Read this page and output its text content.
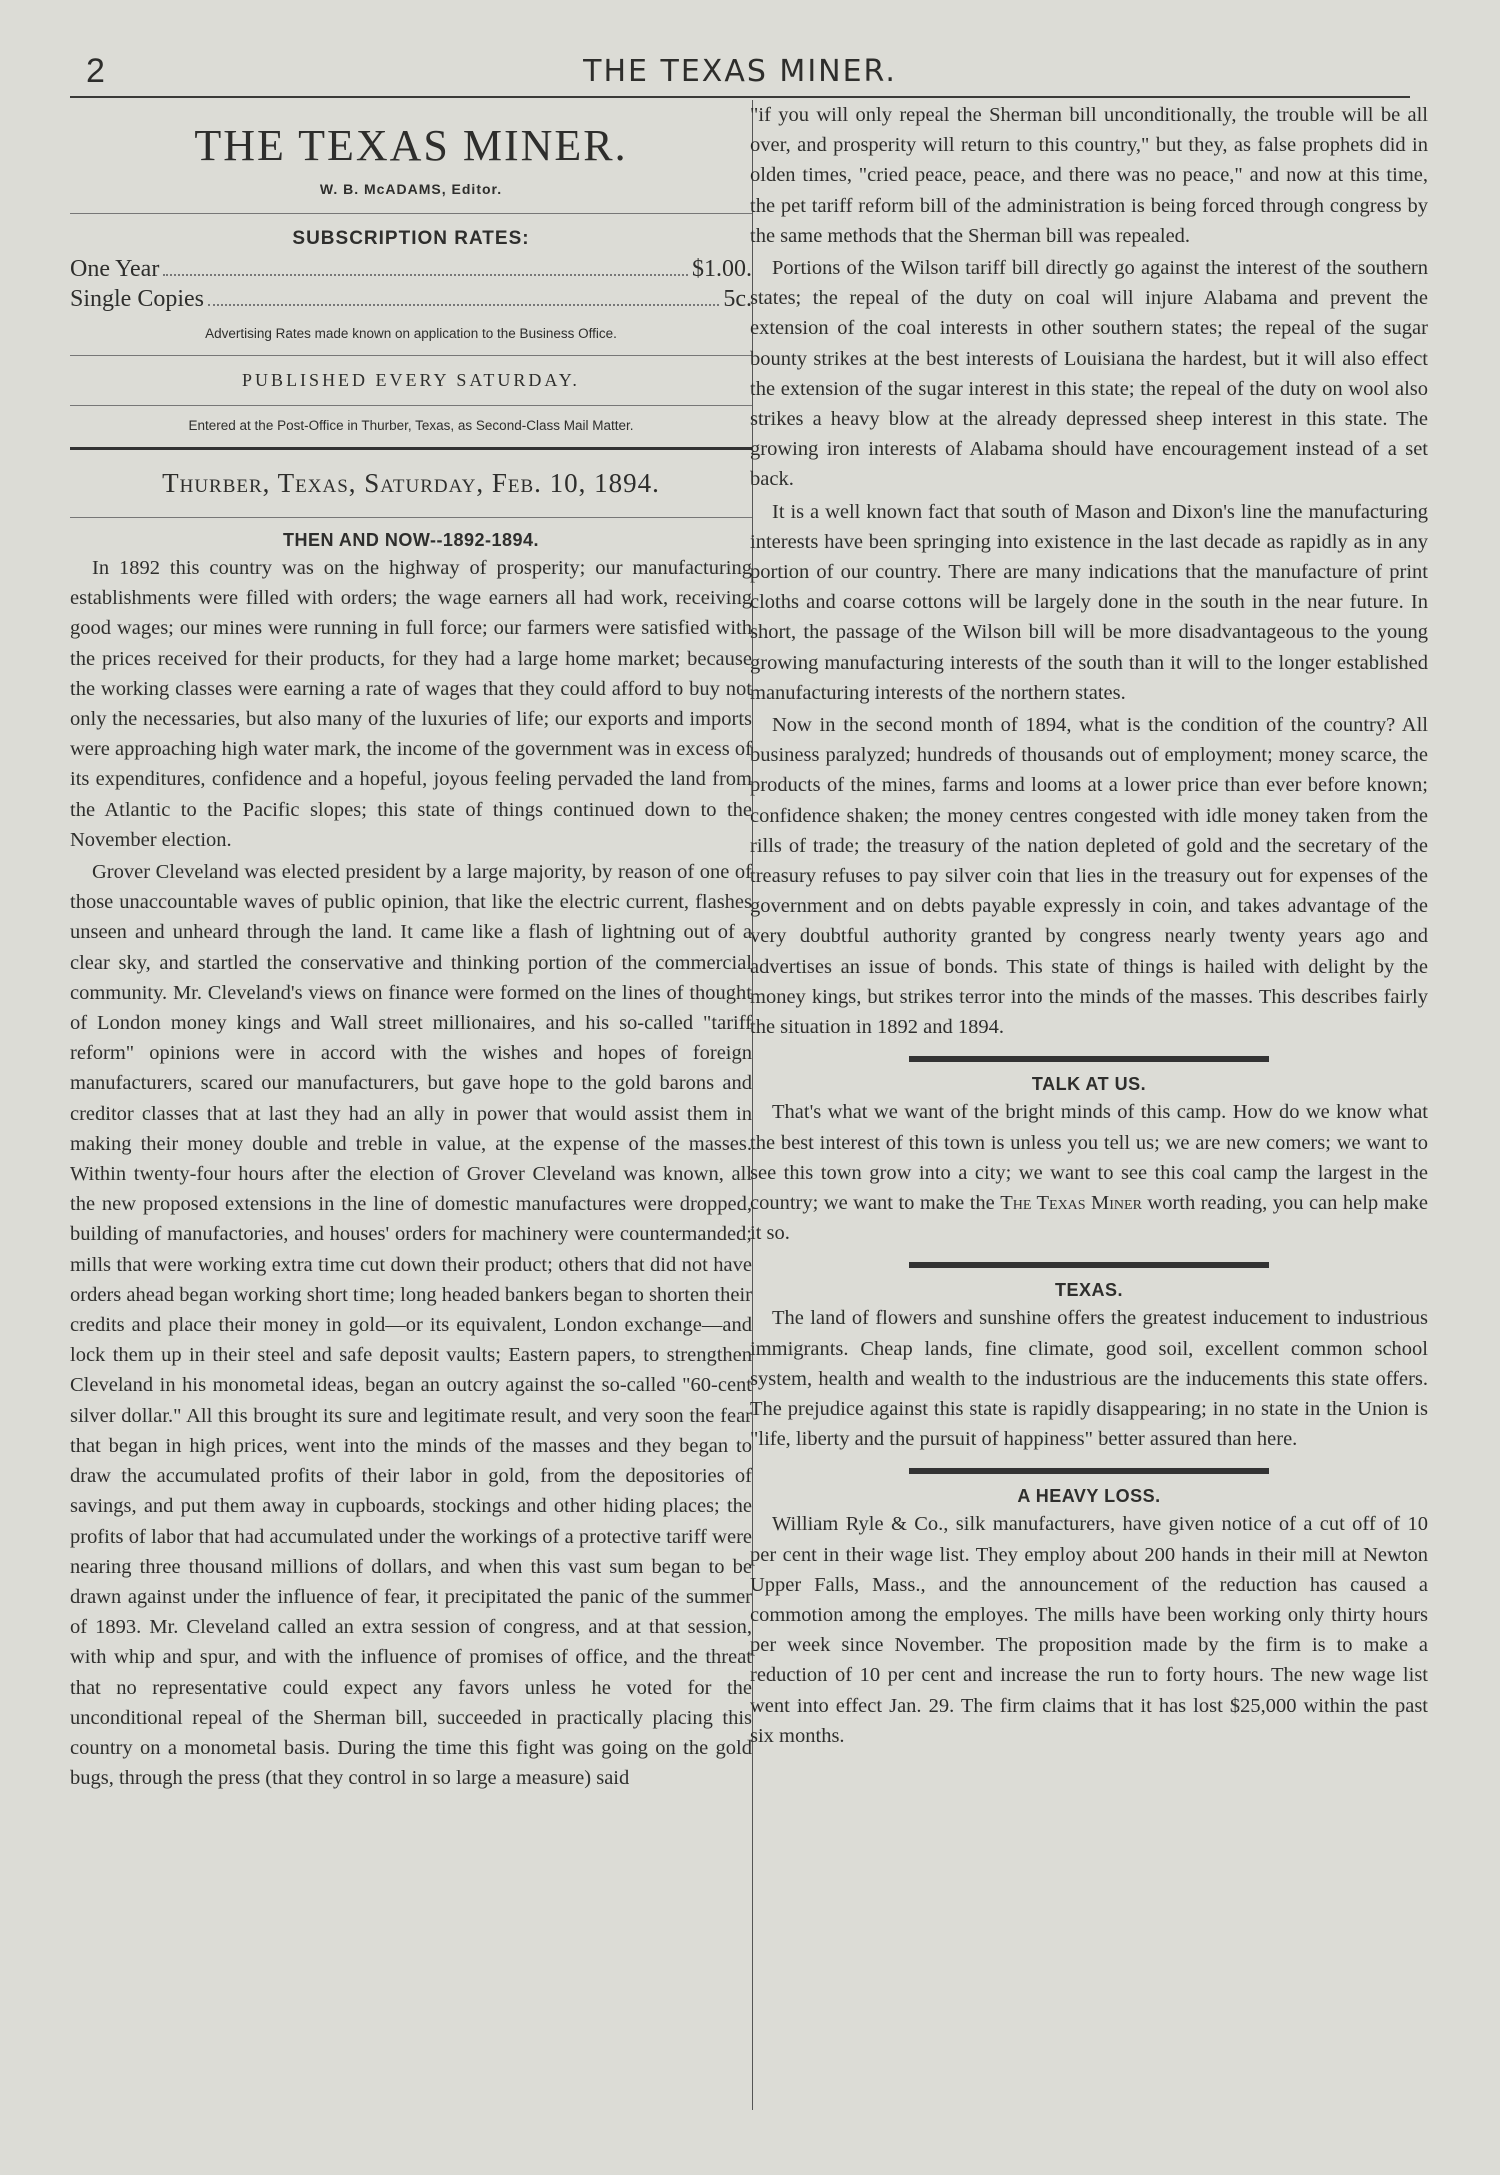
2	THE TEXAS MINER.
THE TEXAS MINER.
W. B. McADAMS, Editor.
SUBSCRIPTION RATES:
One Year	$1.00.
Single Copies	5c.
Advertising Rates made known on application to the Business Office.
PUBLISHED EVERY SATURDAY.
Entered at the Post-Office in Thurber, Texas, as Second-Class Mail Matter.
Thurber, Texas, Saturday, Feb. 10, 1894.
THEN AND NOW--1892-1894.

In 1892 this country was on the highway of prosperity; our manufacturing establishments were filled with orders; the wage earners all had work, receiving good wages; our mines were running in full force; our farmers were satisfied with the prices received for their products, for they had a large home market; because the working classes were earning a rate of wages that they could afford to buy not only the necessaries, but also many of the luxuries of life; our exports and imports were approaching high water mark, the income of the government was in excess of its expenditures, confidence and a hopeful, joyous feeling pervaded the land from the Atlantic to the Pacific slopes; this state of things continued down to the November election.

Grover Cleveland was elected president by a large majority, by reason of one of those unaccountable waves of public opinion, that like the electric current, flashes unseen and unheard through the land. It came like a flash of lightning out of a clear sky, and startled the conservative and thinking portion of the commercial community. Mr. Cleveland's views on finance were formed on the lines of thought of London money kings and Wall street millionaires, and his so-called "tariff reform" opinions were in accord with the wishes and hopes of foreign manufacturers, scared our manufacturers, but gave hope to the gold barons and creditor classes that at last they had an ally in power that would assist them in making their money double and treble in value, at the expense of the masses. Within twenty-four hours after the election of Grover Cleveland was known, all the new proposed extensions in the line of domestic manufactures were dropped, building of manufactories, and houses' orders for machinery were countermanded; mills that were working extra time cut down their product; others that did not have orders ahead began working short time; long headed bankers began to shorten their credits and place their money in gold—or its equivalent, London exchange—and lock them up in their steel and safe deposit vaults; Eastern papers, to strengthen Cleveland in his monometal ideas, began an outcry against the so-called "60-cent silver dollar." All this brought its sure and legitimate result, and very soon the fear that began in high prices, went into the minds of the masses and they began to draw the accumulated profits of their labor in gold, from the depositories of savings, and put them away in cupboards, stockings and other hiding places; the profits of labor that had accumulated under the workings of a protective tariff were nearing three thousand millions of dollars, and when this vast sum began to be drawn against under the influence of fear, it precipitated the panic of the summer of 1893. Mr. Cleveland called an extra session of congress, and at that session, with whip and spur, and with the influence of promises of office, and the threat that no representative could expect any favors unless he voted for the unconditional repeal of the Sherman bill, succeeded in practically placing this country on a monometal basis. During the time this fight was going on the gold bugs, through the press (that they control in so large a measure) said

"if you will only repeal the Sherman bill unconditionally, the trouble will be all over, and prosperity will return to this country," but they, as false prophets did in olden times, "cried peace, peace, and there was no peace," and now at this time, the pet tariff reform bill of the administration is being forced through congress by the same methods that the Sherman bill was repealed.

Portions of the Wilson tariff bill directly go against the interest of the southern states; the repeal of the duty on coal will injure Alabama and prevent the extension of the coal interests in other southern states; the repeal of the sugar bounty strikes at the best interests of Louisiana the hardest, but it will also effect the extension of the sugar interest in this state; the repeal of the duty on wool also strikes a heavy blow at the already depressed sheep interest in this state. The growing iron interests of Alabama should have encouragement instead of a set back.

It is a well known fact that south of Mason and Dixon's line the manufacturing interests have been springing into existence in the last decade as rapidly as in any portion of our country. There are many indications that the manufacture of print cloths and coarse cottons will be largely done in the south in the near future. In short, the passage of the Wilson bill will be more disadvantageous to the young growing manufacturing interests of the south than it will to the longer established manufacturing interests of the northern states.

Now in the second month of 1894, what is the condition of the country? All business paralyzed; hundreds of thousands out of employment; money scarce, the products of the mines, farms and looms at a lower price than ever before known; confidence shaken; the money centres congested with idle money taken from the rills of trade; the treasury of the nation depleted of gold and the secretary of the treasury refuses to pay silver coin that lies in the treasury out for expenses of the government and on debts payable expressly in coin, and takes advantage of the very doubtful authority granted by congress nearly twenty years ago and advertises an issue of bonds. This state of things is hailed with delight by the money kings, but strikes terror into the minds of the masses. This describes fairly the situation in 1892 and 1894.

TALK AT US.

That's what we want of the bright minds of this camp. How do we know what the best interest of this town is unless you tell us; we are new comers; we want to see this town grow into a city; we want to see this coal camp the largest in the country; we want to make the The Texas Miner worth reading, you can help make it so.

TEXAS.

The land of flowers and sunshine offers the greatest inducement to industrious immigrants. Cheap lands, fine climate, good soil, excellent common school system, health and wealth to the industrious are the inducements this state offers. The prejudice against this state is rapidly disappearing; in no state in the Union is "life, liberty and the pursuit of happiness" better assured than here.

A HEAVY LOSS.

William Ryle & Co., silk manufacturers, have given notice of a cut off of 10 per cent in their wage list. They employ about 200 hands in their mill at Newton Upper Falls, Mass., and the announcement of the reduction has caused a commotion among the employes. The mills have been working only thirty hours per week since November. The proposition made by the firm is to make a reduction of 10 per cent and increase the run to forty hours. The new wage list went into effect Jan. 29. The firm claims that it has lost $25,000 within the past six months.
